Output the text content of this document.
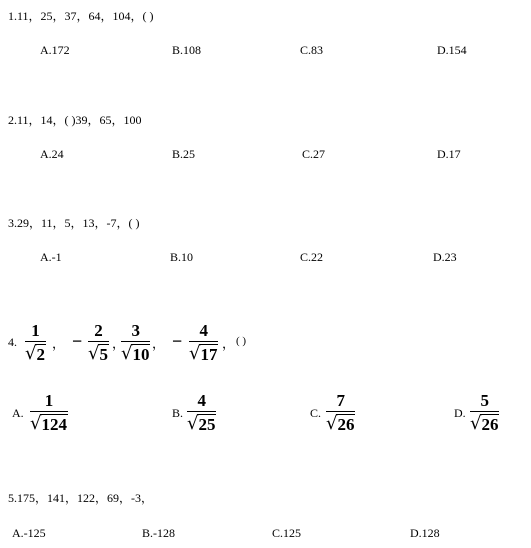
1.11，25，37，64，104，( )
A.172	B.108	C.83	D.154
2.11，14，( )39，65，100
A.24	B.25	C.27	D.17
3.29，11，5，13，-7，( )
A.-1	B.10	C.22	D.23
4.
1
√ 2
， −
2
√ 5
，
3
√ 10
， −
4
√ 17
， ( )
A.
1
√ 124
B.
4
√ 25
C.
7
√ 26
D.
5
√ 26
5.175，141，122，69，-3，
A.-125	B.-128	C.125	D.128
